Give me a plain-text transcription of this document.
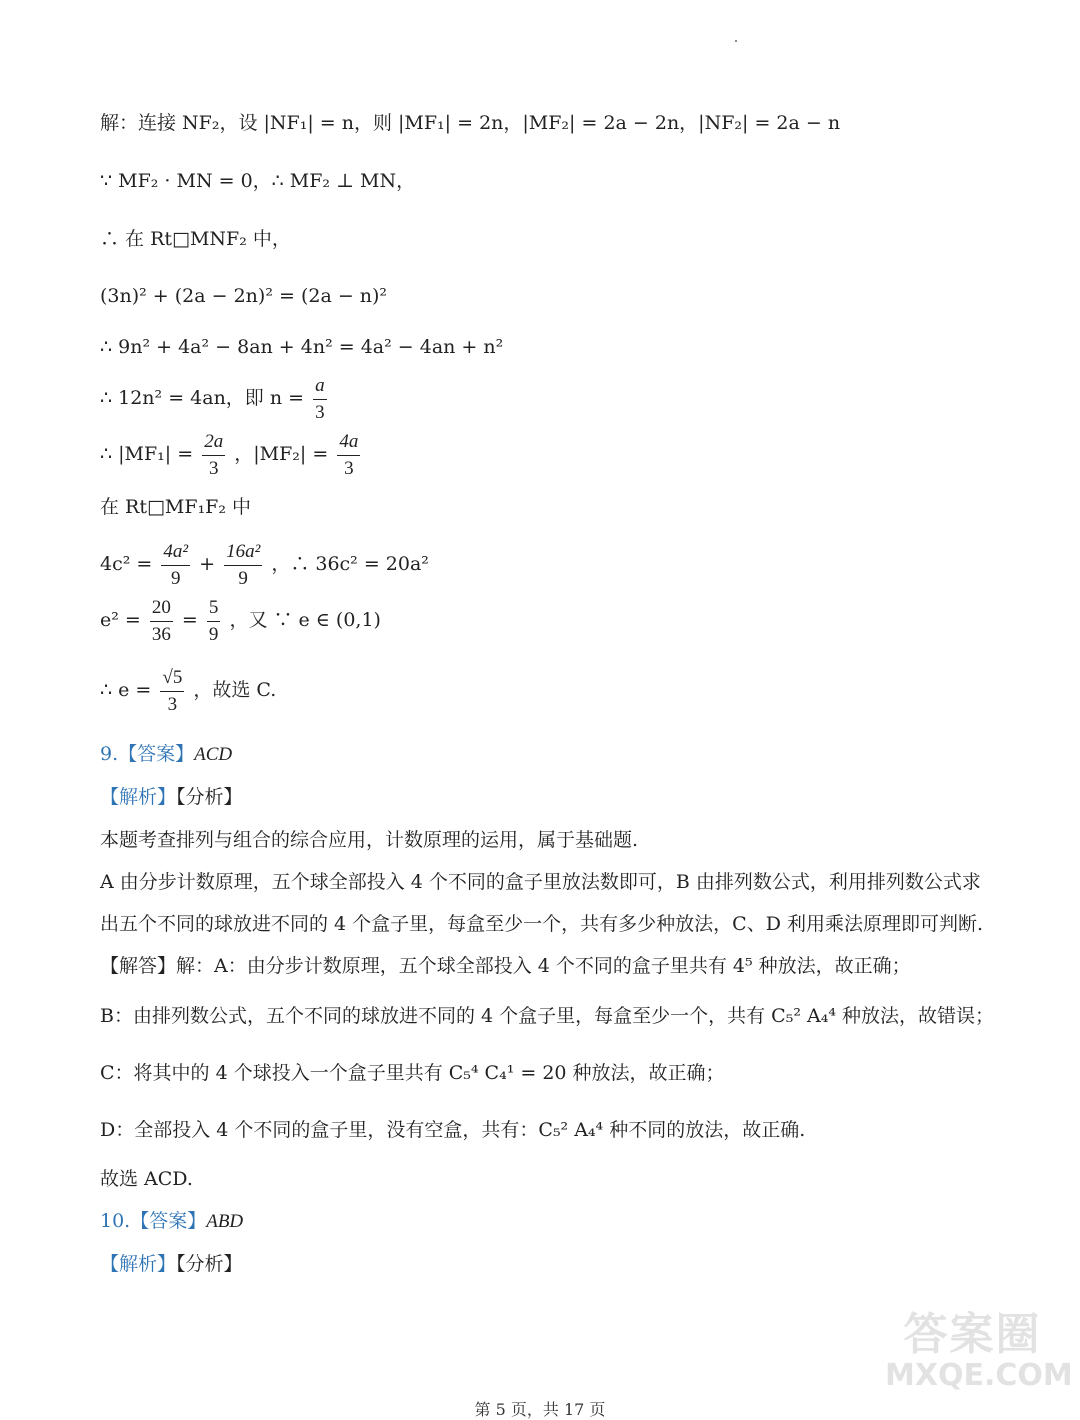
解：连接 NF₂，设 |NF₁| = n，则 |MF₁| = 2n，|MF₂| = 2a − 2n，|NF₂| = 2a − n
∵ MF₂ · MN = 0，∴ MF₂ ⊥ MN，
∴ 在 Rt□MNF₂ 中，
(3n)² + (2a − 2n)² = (2a − n)²
∴ 9n² + 4a² − 8an + 4n² = 4a² − 4an + n²
∴ 12n² = 4an，即 $n = \frac{a}{3}$
∴ $|MF_1| = \frac{2a}{3}$ ，$|MF_2| = \frac{4a}{3}$
在 Rt□MF₁F₂ 中
$4c^2 = \frac{\text{4a²}}{9} + \frac{\text{16a²}}{9}$ ，∴ 36c² = 20a²
$e^2 = \frac{20}{36} = \frac{5}{9}$ ，又 ∵ e ∈ (0,1)
∴ $e = \frac{√5}{3}$ ，故选 C.
9.【答案】ACD
【解析】【分析】
本题考查排列与组合的综合应用，计数原理的运用，属于基础题.
A 由分步计数原理，五个球全部投入 4 个不同的盒子里放法数即可，B 由排列数公式，利用排列数公式求
出五个不同的球放进不同的 4 个盒子里，每盒至少一个，共有多少种放法，C、D 利用乘法原理即可判断.
【解答】解：A：由分步计数原理，五个球全部投入 4 个不同的盒子里共有 4⁵ 种放法，故正确；
B：由排列数公式，五个不同的球放进不同的 4 个盒子里，每盒至少一个，共有 C₅² A₄⁴ 种放法，故错误；
C：将其中的 4 个球投入一个盒子里共有 C₅⁴ C₄¹ = 20 种放法，故正确；
D：全部投入 4 个不同的盒子里，没有空盒，共有：C₅² A₄⁴ 种不同的放法，故正确.
故选 ACD.
10.【答案】ABD
【解析】【分析】
答案圈
MXQE.COM
第 5 页，共 17 页
